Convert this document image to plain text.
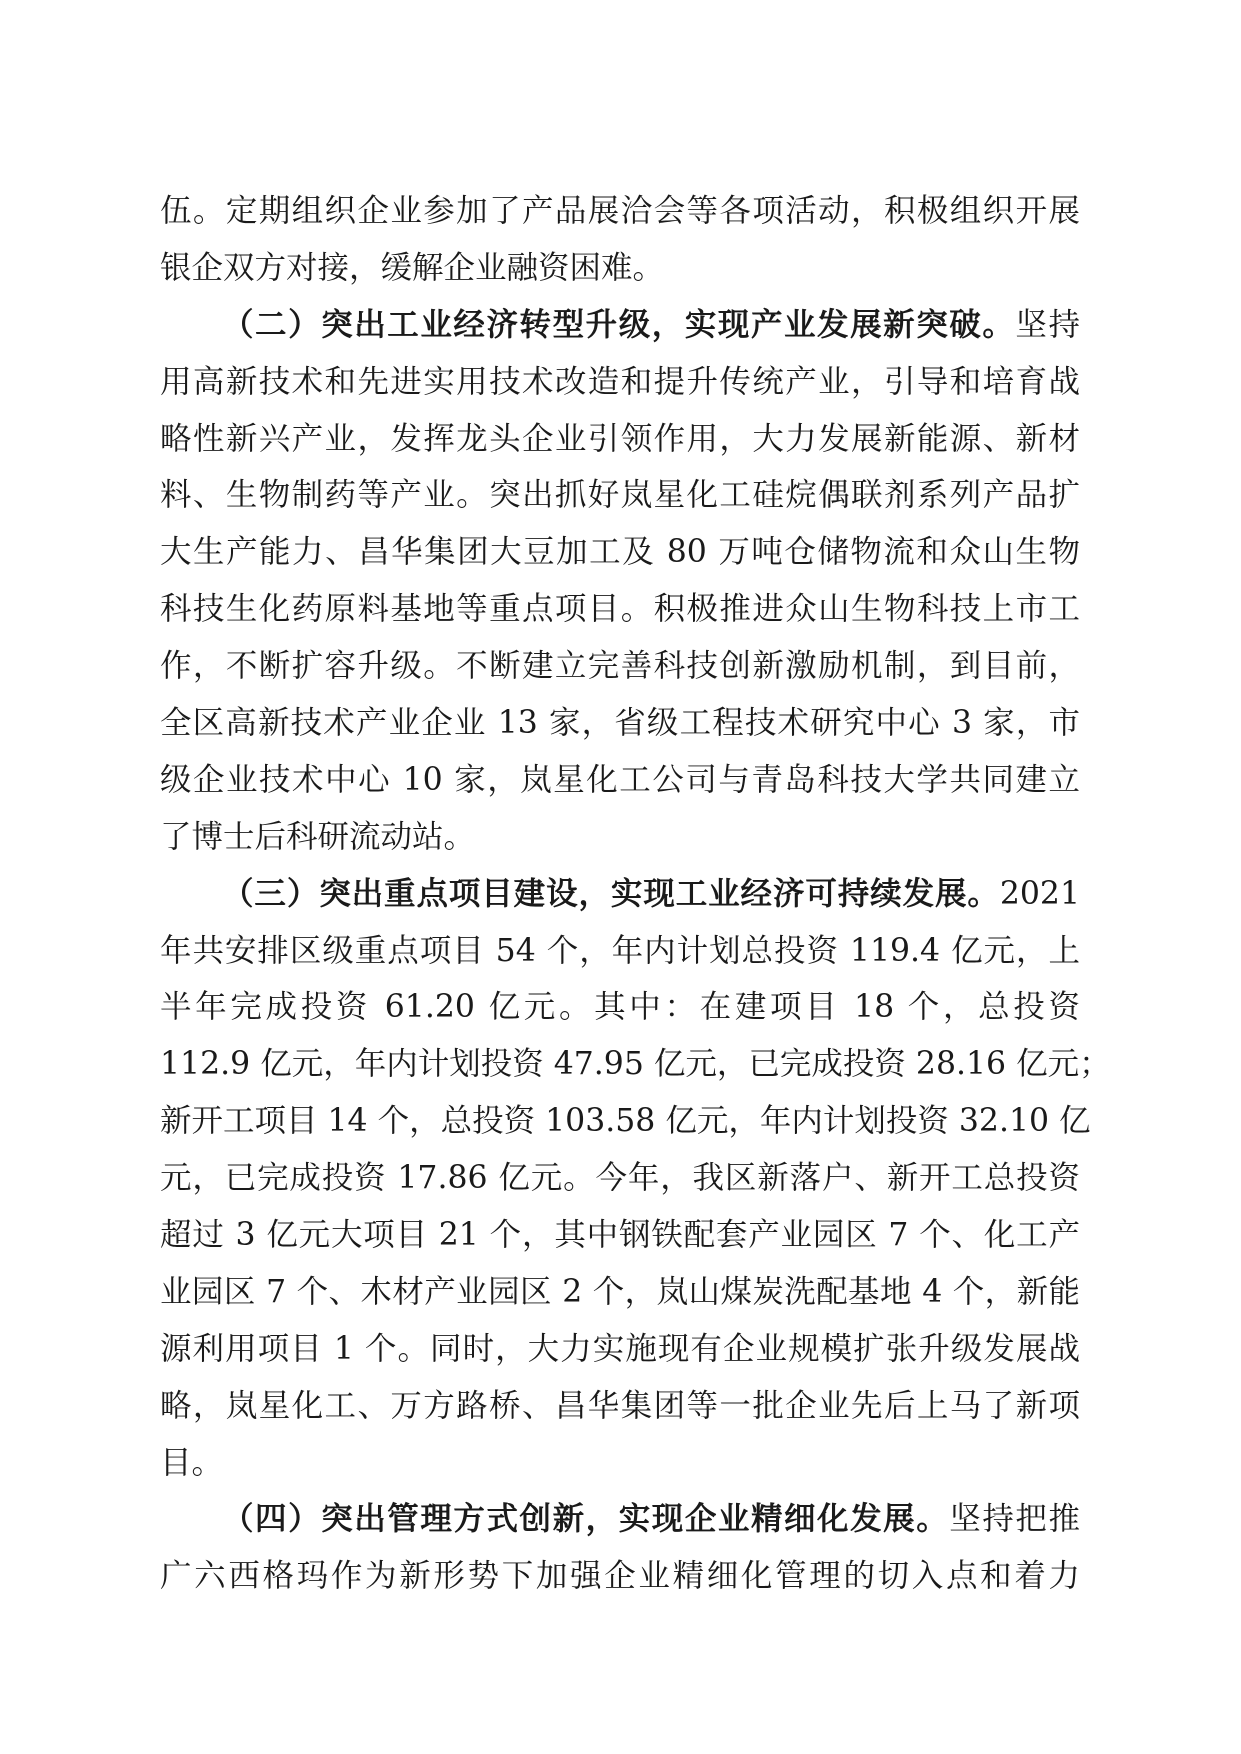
伍。定期组织企业参加了产品展洽会等各项活动，积极组织开展
银企双方对接，缓解企业融资困难。
（二）突出工业经济转型升级，实现产业发展新突破。坚持
用高新技术和先进实用技术改造和提升传统产业，引导和培育战
略性新兴产业，发挥龙头企业引领作用，大力发展新能源、新材
料、生物制药等产业。突出抓好岚星化工硅烷偶联剂系列产品扩
大生产能力、昌华集团大豆加工及 80 万吨仓储物流和众山生物
科技生化药原料基地等重点项目。积极推进众山生物科技上市工
作，不断扩容升级。不断建立完善科技创新激励机制，到目前，
全区高新技术产业企业 13 家，省级工程技术研究中心 3 家，市
级企业技术中心 10 家，岚星化工公司与青岛科技大学共同建立
了博士后科研流动站。
（三）突出重点项目建设，实现工业经济可持续发展。2021
年共安排区级重点项目 54 个，年内计划总投资 119.4 亿元，上
半年完成投资 61.20 亿元。其中：在建项目 18 个，总投资
112.9 亿元，年内计划投资 47.95 亿元，已完成投资 28.16 亿元；
新开工项目 14 个，总投资 103.58 亿元，年内计划投资 32.10 亿
元，已完成投资 17.86 亿元。今年，我区新落户、新开工总投资
超过 3 亿元大项目 21 个，其中钢铁配套产业园区 7 个、化工产
业园区 7 个、木材产业园区 2 个，岚山煤炭洗配基地 4 个，新能
源利用项目 1 个。同时，大力实施现有企业规模扩张升级发展战
略，岚星化工、万方路桥、昌华集团等一批企业先后上马了新项
目。
（四）突出管理方式创新，实现企业精细化发展。坚持把推
广六西格玛作为新形势下加强企业精细化管理的切入点和着力
